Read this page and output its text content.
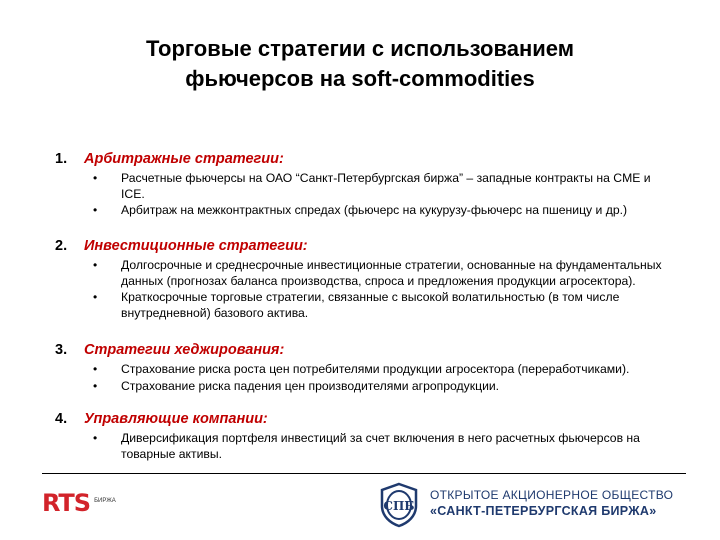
Торговые стратегии с использованием
фьючерсов на soft-commodities
1.	Арбитражные стратегии:
• Расчетные фьючерсы на ОАО “Санкт-Петербургская биржа” – западные контракты на CME и ICE.
• Арбитраж на межконтрактных спредах (фьючерс на кукурузу-фьючерс на пшеницу и др.)
2.	Инвестиционные стратегии:
• Долгосрочные и среднесрочные инвестиционные стратегии, основанные на фундаментальных данных (прогнозах баланса производства, спроса и предложения продукции агросектора).
• Краткосрочные торговые стратегии, связанные с высокой волатильностью (в том числе внутредневной) базового актива.
3.	Стратегии хеджирования:
• Страхование риска роста цен потребителями продукции агросектора (переработчиками).
• Страхование риска падения цен производителями агропродукции.
4.	Управляющие компании:
• Диверсификация портфеля инвестиций за счет включения в него расчетных фьючерсов на товарные активы.
RTS БИРЖА	СПБ
ОТКРЫТОЕ АКЦИОНЕРНОЕ ОБЩЕСТВО
«САНКТ-ПЕТЕРБУРГСКАЯ БИРЖА»
